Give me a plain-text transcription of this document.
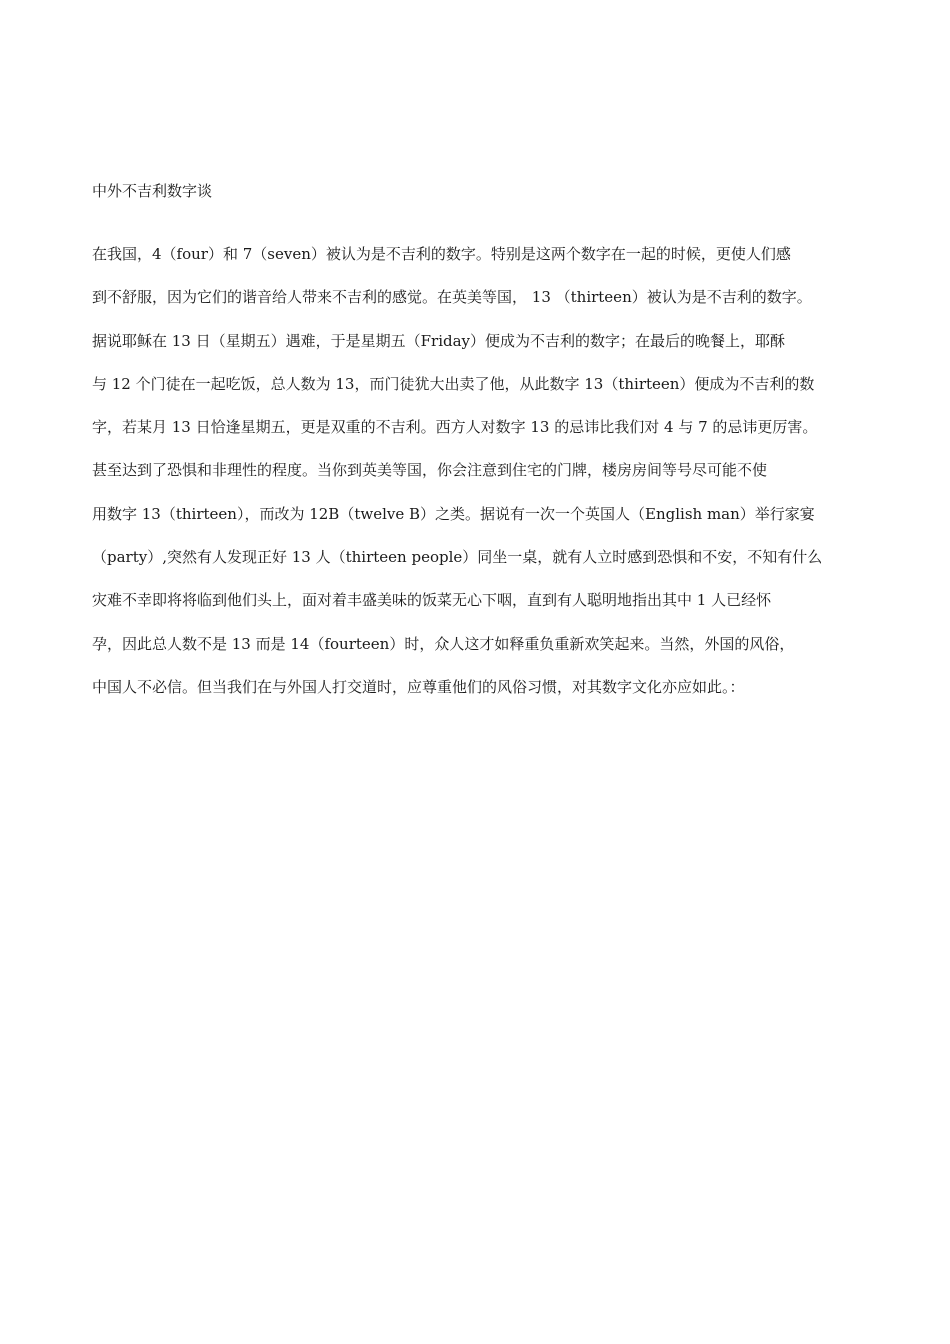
中外不吉利数字谈
在我国，4（four）和 7（seven）被认为是不吉利的数字。特别是这两个数字在一起的时候，更使人们感
到不舒服，因为它们的谐音给人带来不吉利的感觉。在英美等国， 13 （thirteen）被认为是不吉利的数字。
据说耶稣在 13 日（星期五）遇难，于是星期五（Friday）便成为不吉利的数字；在最后的晚餐上，耶酥
与 12 个门徒在一起吃饭，总人数为 13，而门徒犹大出卖了他，从此数字 13（thirteen）便成为不吉利的数
字，若某月 13 日恰逢星期五，更是双重的不吉利。西方人对数字 13 的忌讳比我们对 4 与 7 的忌讳更厉害。
甚至达到了恐惧和非理性的程度。当你到英美等国，你会注意到住宅的门牌，楼房房间等号尽可能不使
用数字 13（thirteen），而改为 12B（twelve B）之类。据说有一次一个英国人（English man）举行家宴
（party）,突然有人发现正好 13 人（thirteen people）同坐一桌，就有人立时感到恐惧和不安，不知有什么
灾难不幸即将将临到他们头上，面对着丰盛美味的饭菜无心下咽，直到有人聪明地指出其中 1 人已经怀
孕，因此总人数不是 13 而是 14（fourteen）时，众人这才如释重负重新欢笑起来。当然，外国的风俗，
中国人不必信。但当我们在与外国人打交道时，应尊重他们的风俗习惯，对其数字文化亦应如此。：
